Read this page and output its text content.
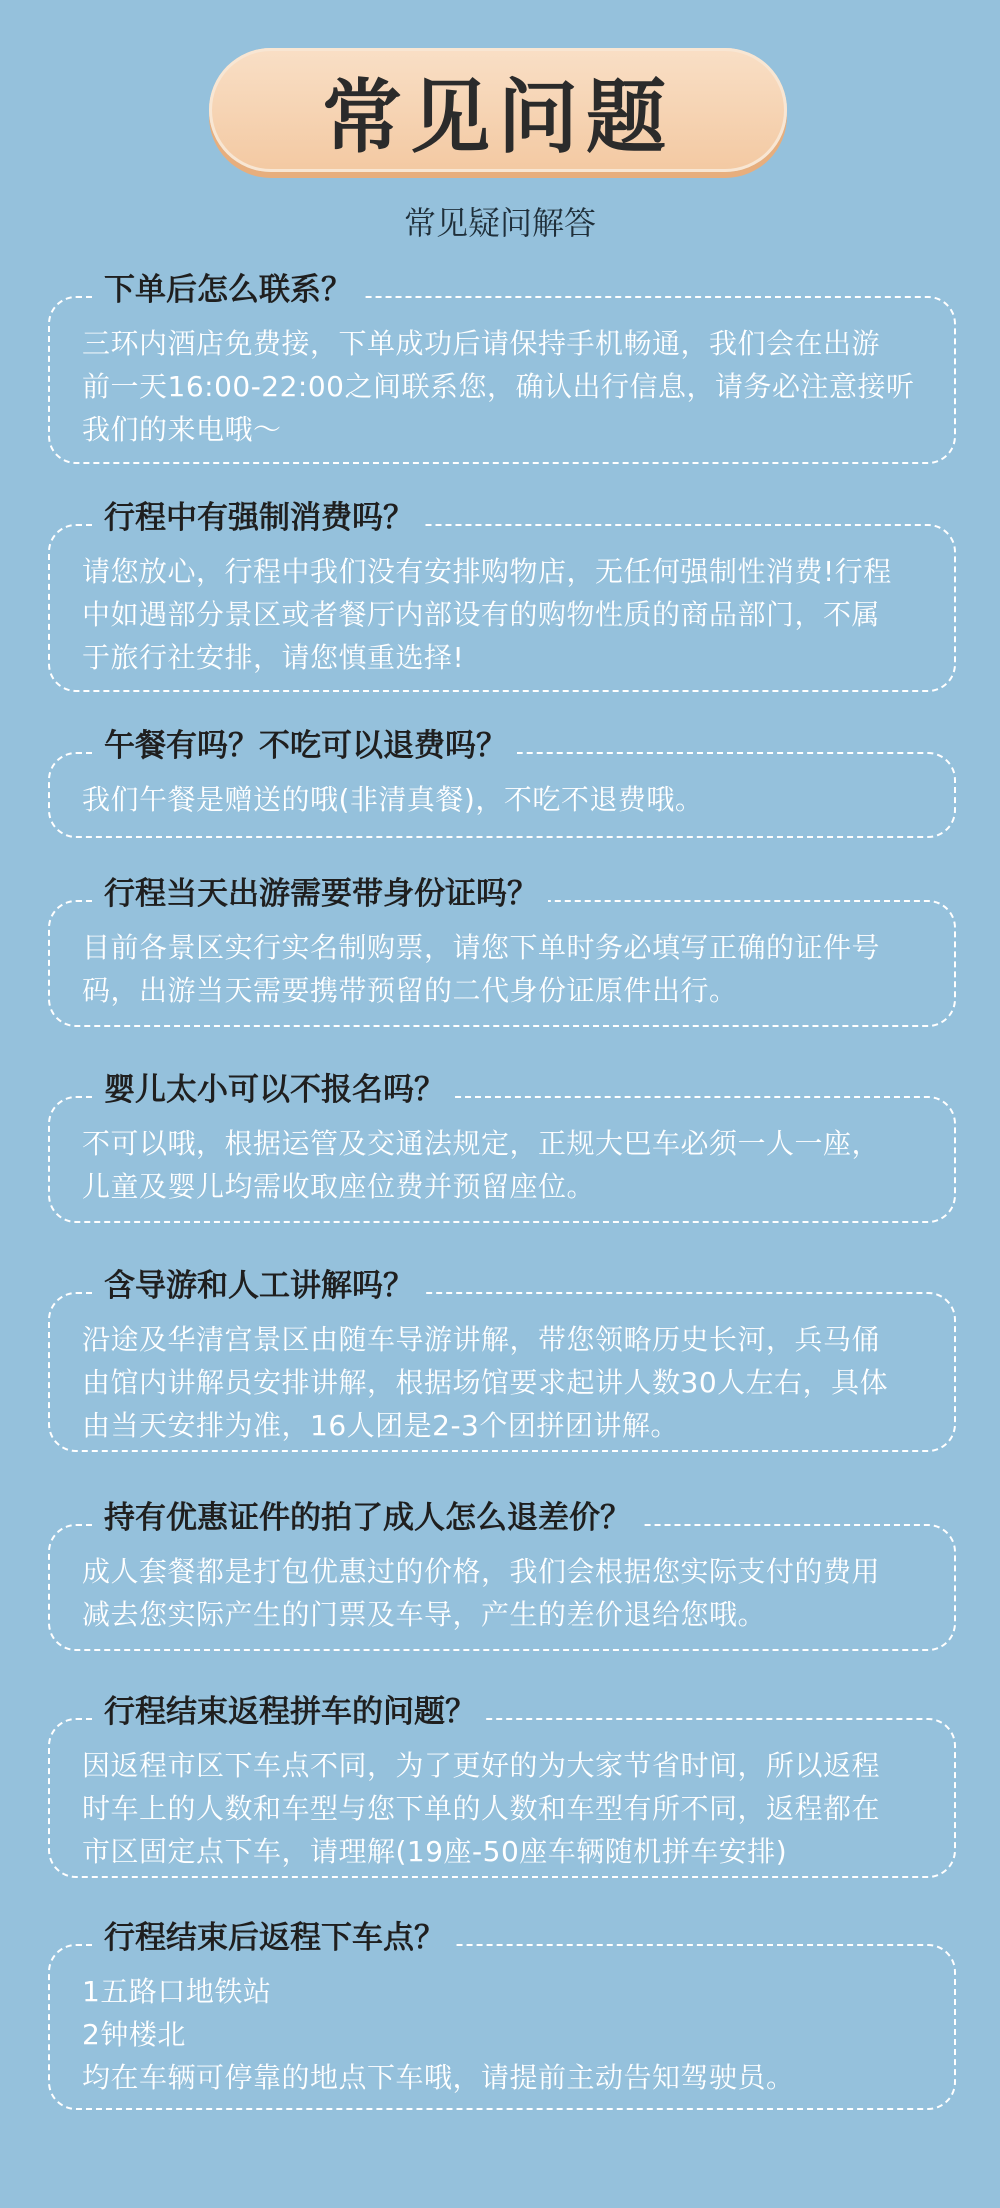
常见问题
常见疑问解答
下单后怎么联系？
三环内酒店免费接，下单成功后请保持手机畅通，我们会在出游
前一天16:00-22:00之间联系您，确认出行信息，请务必注意接听
我们的来电哦～
行程中有强制消费吗？
请您放心，行程中我们没有安排购物店，无任何强制性消费!行程
中如遇部分景区或者餐厅内部设有的购物性质的商品部门，不属
于旅行社安排，请您慎重选择!
午餐有吗？不吃可以退费吗？
我们午餐是赠送的哦(非清真餐)，不吃不退费哦。
行程当天出游需要带身份证吗？
目前各景区实行实名制购票，请您下单时务必填写正确的证件号
码，出游当天需要携带预留的二代身份证原件出行。
婴儿太小可以不报名吗？
不可以哦，根据运管及交通法规定，正规大巴车必须一人一座，
儿童及婴儿均需收取座位费并预留座位。
含导游和人工讲解吗？
沿途及华清宫景区由随车导游讲解，带您领略历史长河，兵马俑
由馆内讲解员安排讲解，根据场馆要求起讲人数30人左右，具体
由当天安排为准，16人团是2-3个团拼团讲解。
持有优惠证件的拍了成人怎么退差价？
成人套餐都是打包优惠过的价格，我们会根据您实际支付的费用
减去您实际产生的门票及车导，产生的差价退给您哦。
行程结束返程拼车的问题？
因返程市区下车点不同，为了更好的为大家节省时间，所以返程
时车上的人数和车型与您下单的人数和车型有所不同，返程都在
市区固定点下车，请理解(19座-50座车辆随机拼车安排)
行程结束后返程下车点？
1五路口地铁站
2钟楼北
均在车辆可停靠的地点下车哦，请提前主动告知驾驶员。
